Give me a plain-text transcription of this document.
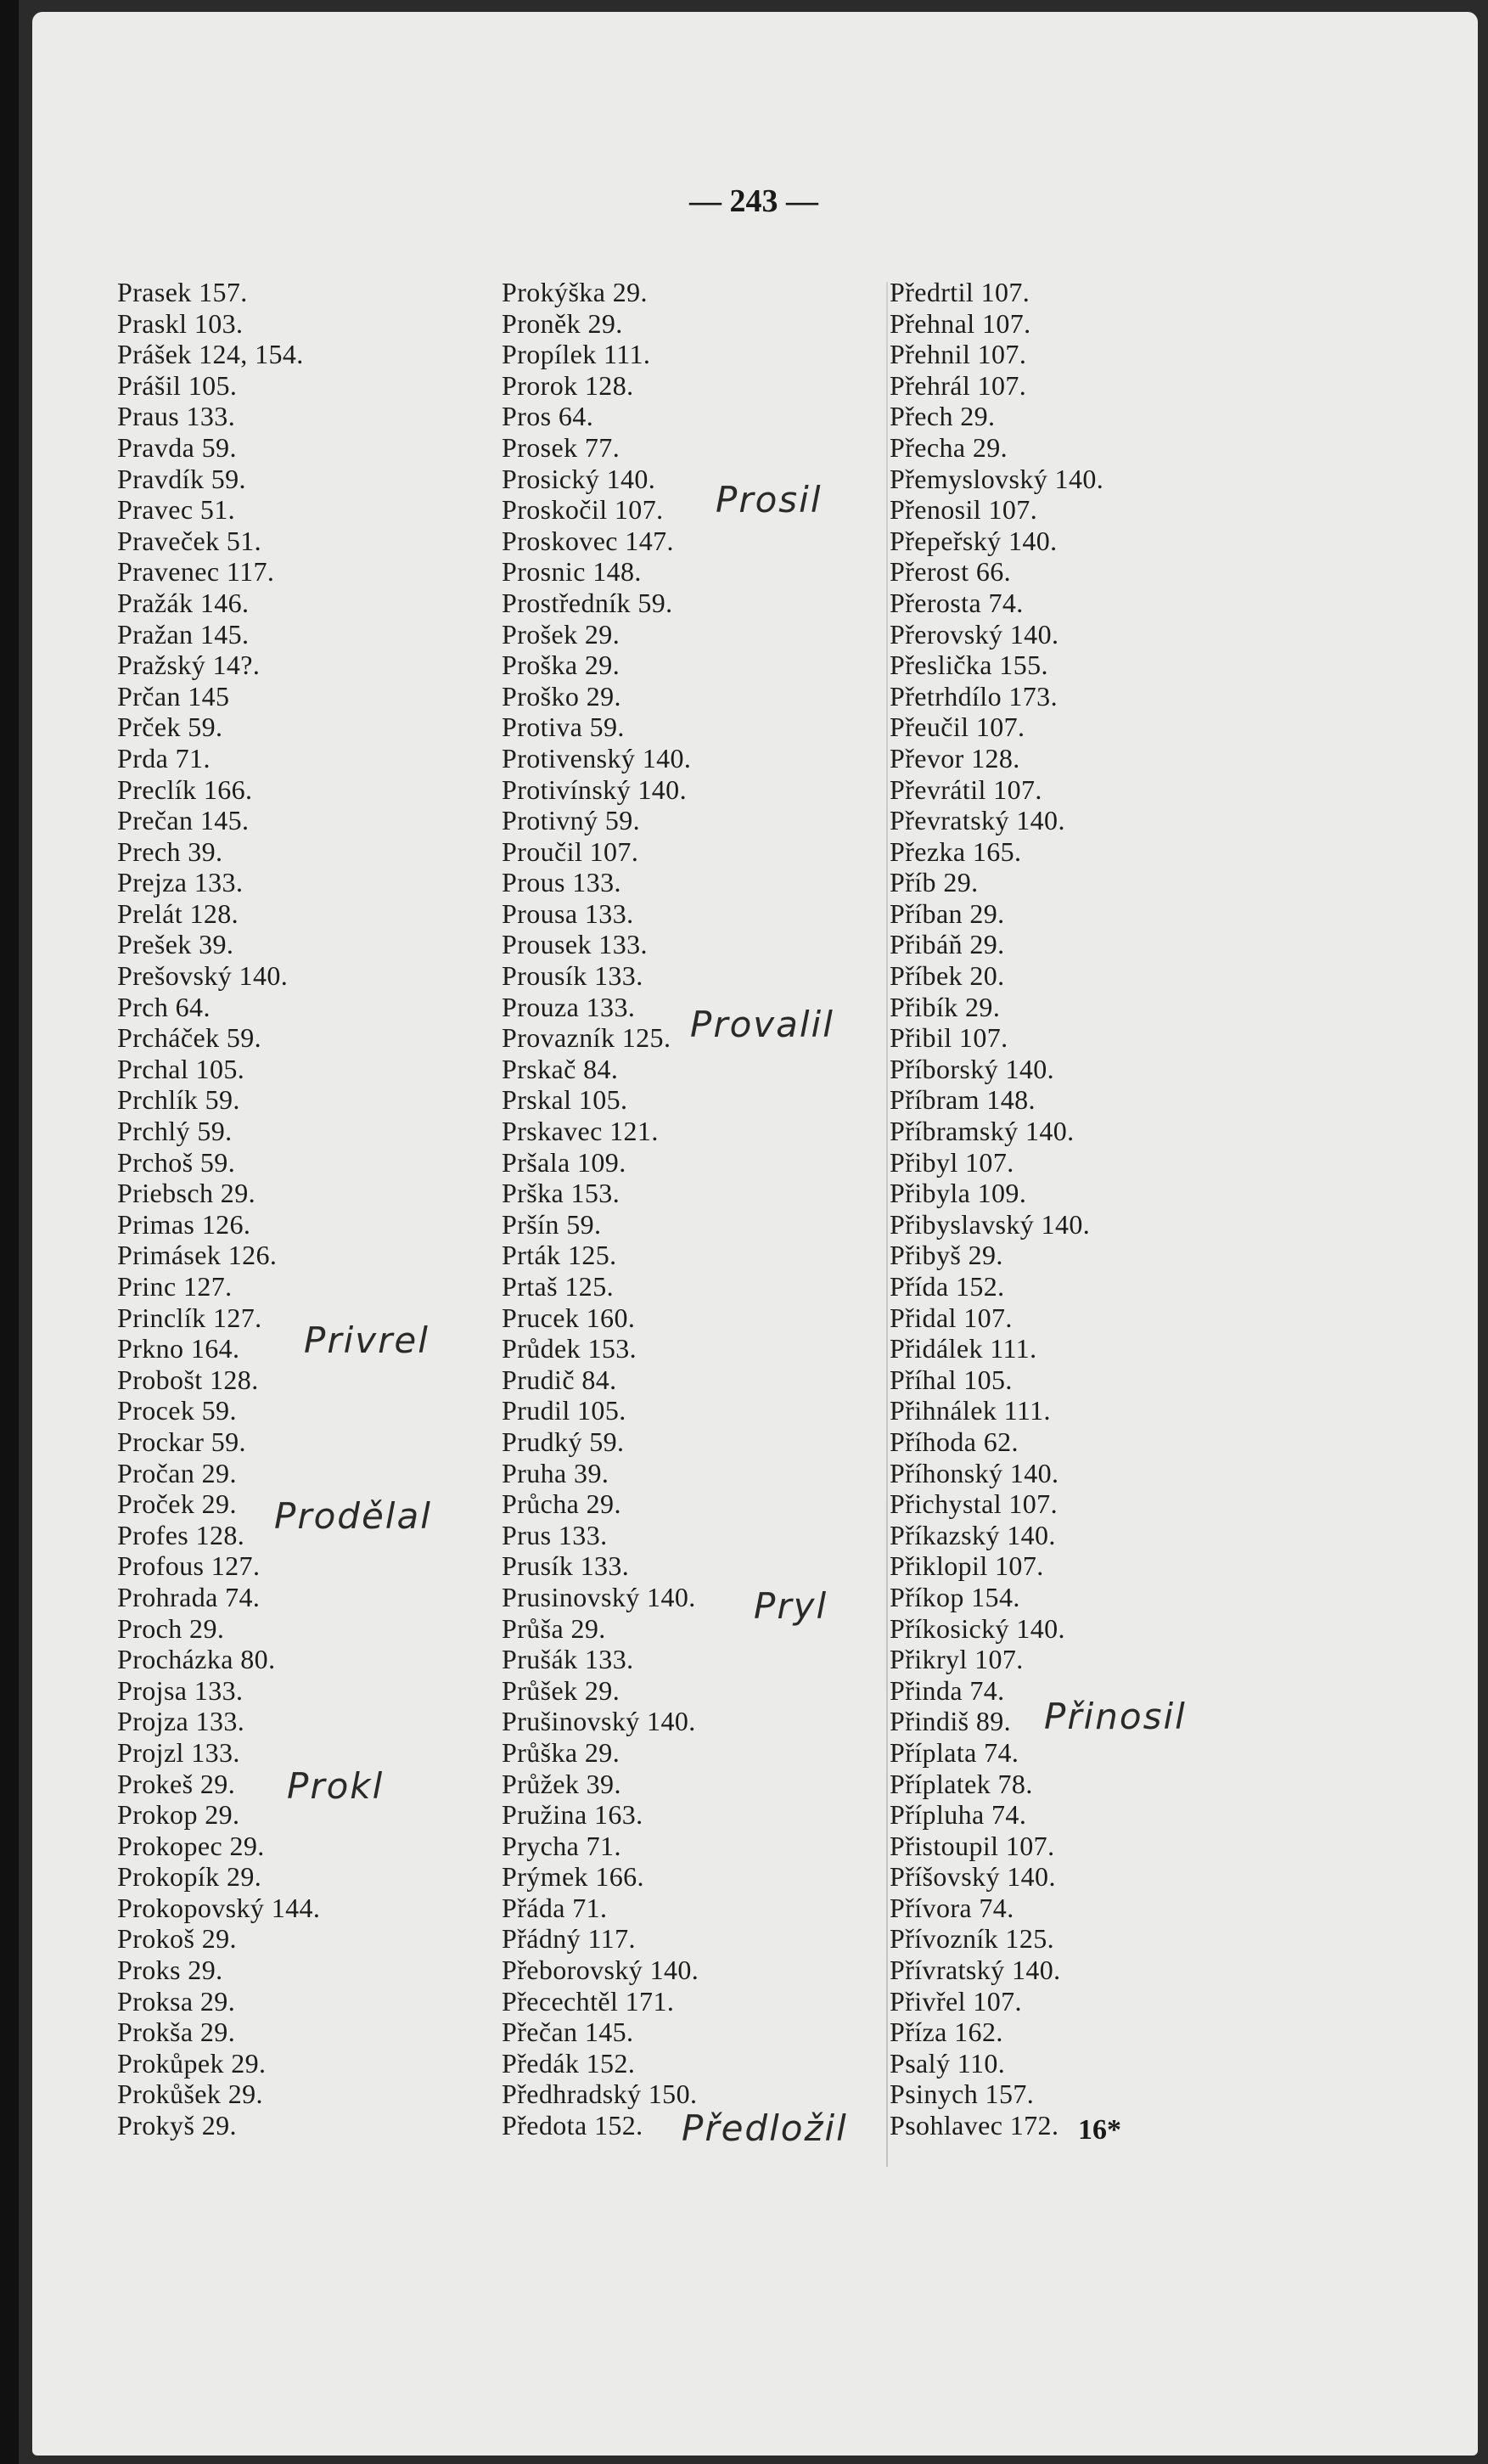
— 243 —
Prasek 157.
Praskl 103.
Prášek 124, 154.
Prášil 105.
Praus 133.
Pravda 59.
Pravdík 59.
Pravec 51.
Praveček 51.
Pravenec 117.
Pražák 146.
Pražan 145.
Pražský 14?.
Prčan 145
Prček 59.
Prda 71.
Preclík 166.
Prečan 145.
Prech 39.
Prejza 133.
Prelát 128.
Prešek 39.
Prešovský 140.
Prch 64.
Prcháček 59.
Prchal 105.
Prchlík 59.
Prchlý 59.
Prchoš 59.
Priebsch 29.
Primas 126.
Primásek 126.
Princ 127.
Princlík 127.
Prkno 164.
Probošt 128.
Procek 59.
Prockar 59.
Pročan 29.
Proček 29.
Profes 128.
Profous 127.
Prohrada 74.
Proch 29.
Procházka 80.
Projsa 133.
Projza 133.
Projzl 133.
Prokeš 29.
Prokop 29.
Prokopec 29.
Prokopík 29.
Prokopovský 144.
Prokoš 29.
Proks 29.
Proksa 29.
Prokša 29.
Prokůpek 29.
Prokůšek 29.
Prokyš 29.
Prokýška 29.
Proněk 29.
Propílek 111.
Prorok 128.
Pros 64.
Prosek 77.
Prosický 140.
Proskočil 107.
Proskovec 147.
Prosnic 148.
Prostředník 59.
Prošek 29.
Proška 29.
Proško 29.
Protiva 59.
Protivenský 140.
Protivínský 140.
Protivný 59.
Proučil 107.
Prous 133.
Prousa 133.
Prousek 133.
Prousík 133.
Prouza 133.
Provazník 125.
Prskač 84.
Prskal 105.
Prskavec 121.
Pršala 109.
Prška 153.
Pršín 59.
Prták 125.
Prtaš 125.
Prucek 160.
Průdek 153.
Prudič 84.
Prudil 105.
Prudký 59.
Pruha 39.
Průcha 29.
Prus 133.
Prusík 133.
Prusinovský 140.
Průša 29.
Prušák 133.
Průšek 29.
Prušinovský 140.
Průška 29.
Průžek 39.
Pružina 163.
Prycha 71.
Prýmek 166.
Přáda 71.
Přádný 117.
Přeborovský 140.
Přecechtěl 171.
Přečan 145.
Předák 152.
Předhradský 150.
Předota 152.
Předrtil 107.
Přehnal 107.
Přehnil 107.
Přehrál 107.
Přech 29.
Přecha 29.
Přemyslovský 140.
Přenosil 107.
Přepeřský 140.
Přerost 66.
Přerosta 74.
Přerovský 140.
Přeslička 155.
Přetrhdílo 173.
Přeučil 107.
Převor 128.
Převrátil 107.
Převratský 140.
Přezka 165.
Příb 29.
Příban 29.
Přibáň 29.
Příbek 20.
Přibík 29.
Přibil 107.
Příborský 140.
Příbram 148.
Příbramský 140.
Přibyl 107.
Přibyla 109.
Přibyslavský 140.
Přibyš 29.
Přída 152.
Přidal 107.
Přidálek 111.
Příhal 105.
Přihnálek 111.
Příhoda 62.
Příhonský 140.
Přichystal 107.
Příkazský 140.
Přiklopil 107.
Příkop 154.
Příkosický 140.
Přikryl 107.
Přinda 74.
Přindiš 89.
Příplata 74.
Příplatek 78.
Přípluha 74.
Přistoupil 107.
Příšovský 140.
Přívora 74.
Přívozník 125.
Přívratský 140.
Přivřel 107.
Příza 162.
Psalý 110.
Psinych 157.
Psohlavec 172. 16*
Prosil
Provalil
Privrel
Prodělal
Pryl
Prokl
Přinosil
Předložil
